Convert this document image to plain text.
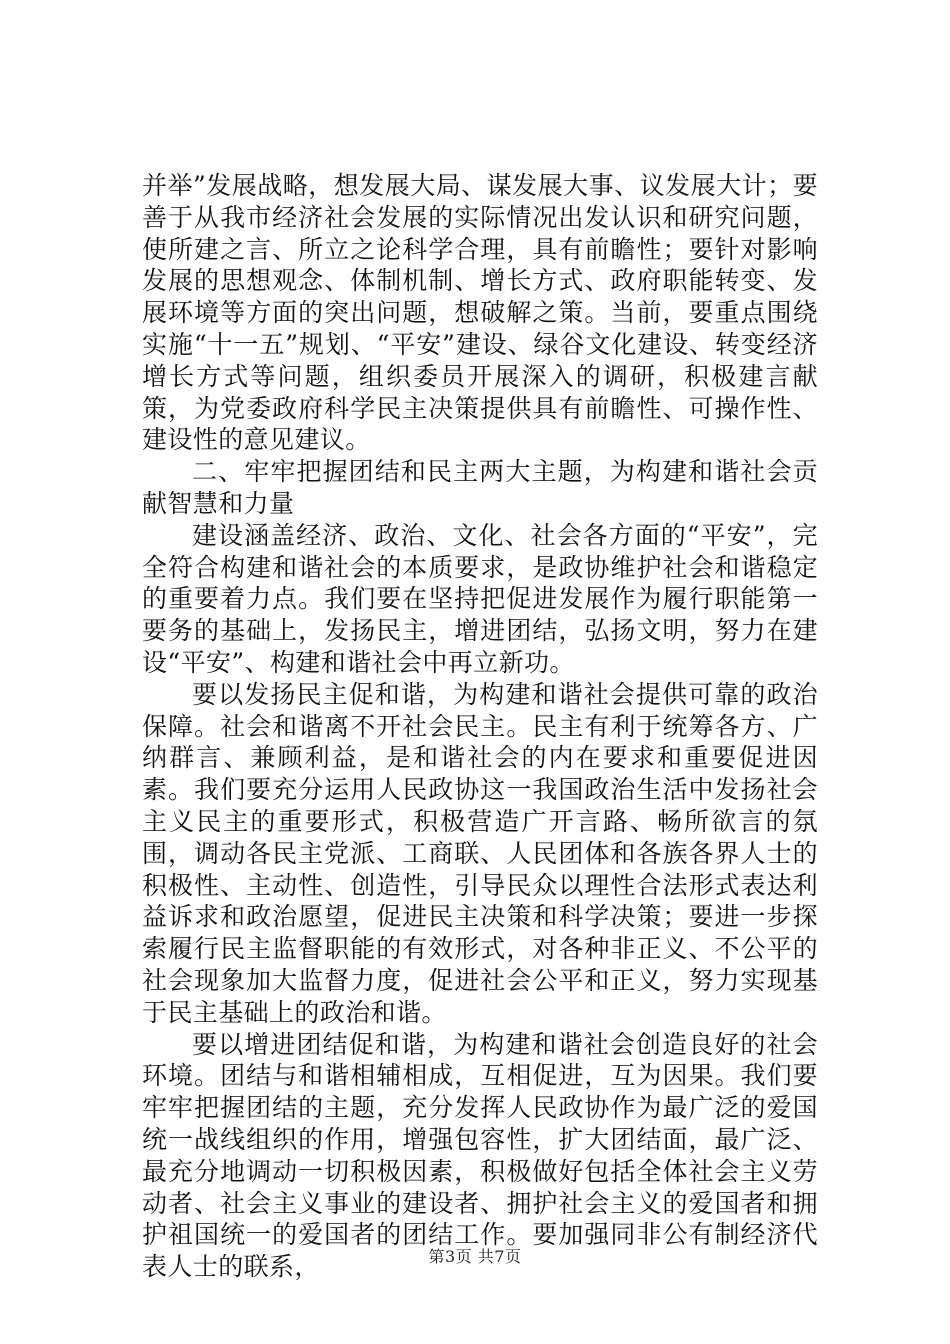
并举”发展战略，想发展大局、谋发展大事、议发展大计；要善于从我市经济社会发展的实际情况出发认识和研究问题，使所建之言、所立之论科学合理，具有前瞻性；要针对影响发展的思想观念、体制机制、增长方式、政府职能转变、发展环境等方面的突出问题，想破解之策。当前，要重点围绕实施“十一五”规划、“平安”建设、绿谷文化建设、转变经济增长方式等问题，组织委员开展深入的调研，积极建言献策，为党委政府科学民主决策提供具有前瞻性、可操作性、建设性的意见建议。

二、牢牢把握团结和民主两大主题，为构建和谐社会贡献智慧和力量

建设涵盖经济、政治、文化、社会各方面的“平安”，完全符合构建和谐社会的本质要求，是政协维护社会和谐稳定的重要着力点。我们要在坚持把促进发展作为履行职能第一要务的基础上，发扬民主，增进团结，弘扬文明，努力在建设“平安”、构建和谐社会中再立新功。

要以发扬民主促和谐，为构建和谐社会提供可靠的政治保障。社会和谐离不开社会民主。民主有利于统筹各方、广纳群言、兼顾利益，是和谐社会的内在要求和重要促进因素。我们要充分运用人民政协这一我国政治生活中发扬社会主义民主的重要形式，积极营造广开言路、畅所欲言的氛围，调动各民主党派、工商联、人民团体和各族各界人士的积极性、主动性、创造性，引导民众以理性合法形式表达利益诉求和政治愿望，促进民主决策和科学决策；要进一步探索履行民主监督职能的有效形式，对各种非正义、不公平的社会现象加大监督力度，促进社会公平和正义，努力实现基于民主基础上的政治和谐。

要以增进团结促和谐，为构建和谐社会创造良好的社会环境。团结与和谐相辅相成，互相促进，互为因果。我们要牢牢把握团结的主题，充分发挥人民政协作为最广泛的爱国统一战线组织的作用，增强包容性，扩大团结面，最广泛、最充分地调动一切积极因素，积极做好包括全体社会主义劳动者、社会主义事业的建设者、拥护社会主义的爱国者和拥护祖国统一的爱国者的团结工作。要加强同非公有制经济代表人士的联系，	第3页 共7页
